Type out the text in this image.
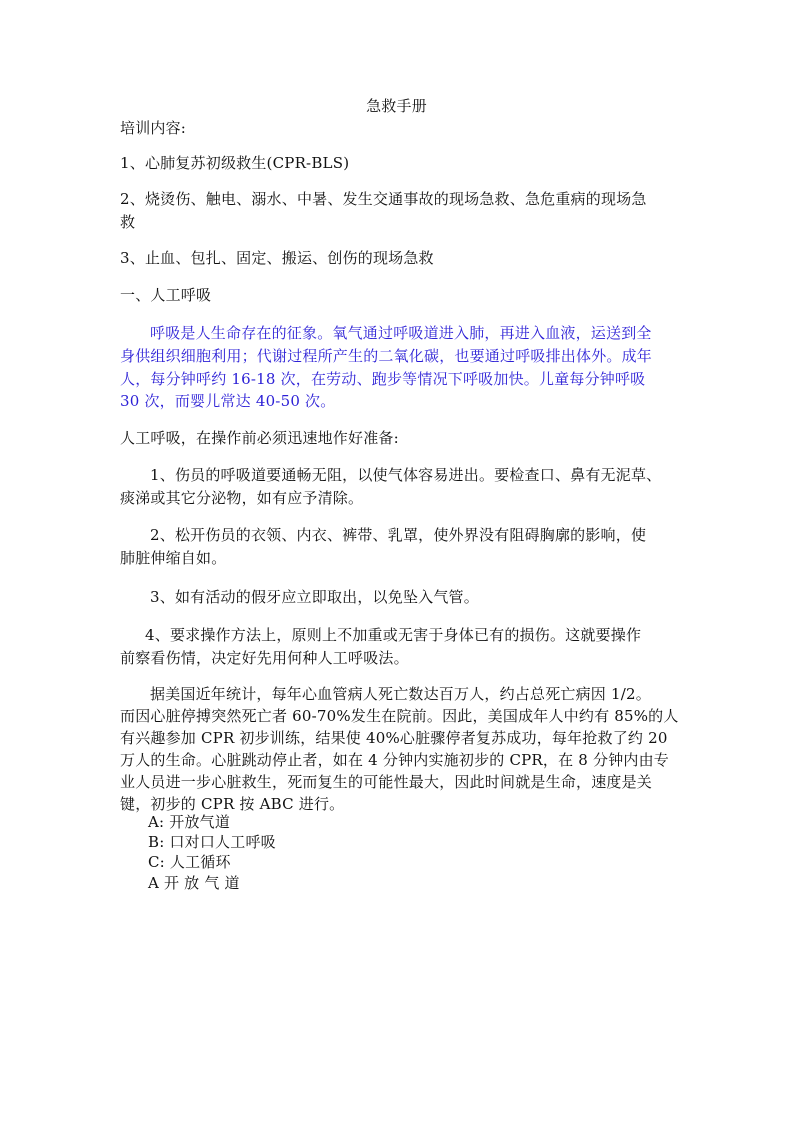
急救手册
培训内容:
1、心肺复苏初级救生(CPR-BLS)
2、烧烫伤、触电、溺水、中暑、发生交通事故的现场急救、急危重病的现场急
救
3、止血、包扎、固定、搬运、创伤的现场急救
一、人工呼吸
呼吸是人生命存在的征象。氧气通过呼吸道进入肺，再进入血液，运送到全
身供组织细胞利用；代谢过程所产生的二氧化碳，也要通过呼吸排出体外。成年
人，每分钟呼约 16-18 次，在劳动、跑步等情况下呼吸加快。儿童每分钟呼吸
30 次，而婴儿常达 40-50 次。
人工呼吸，在操作前必须迅速地作好准备:
1、伤员的呼吸道要通畅无阻，以使气体容易进出。要检查口、鼻有无泥草、
痰涕或其它分泌物，如有应予清除。
2、松开伤员的衣领、内衣、裤带、乳罩，使外界没有阻碍胸廓的影响，使
肺脏伸缩自如。
3、如有活动的假牙应立即取出，以免坠入气管。
4、要求操作方法上，原则上不加重或无害于身体已有的损伤。这就要操作
前察看伤情，决定好先用何种人工呼吸法。
据美国近年统计，每年心血管病人死亡数达百万人，约占总死亡病因 1/2。
而因心脏停搏突然死亡者 60-70%发生在院前。因此，美国成年人中约有 85%的人
有兴趣参加 CPR 初步训练，结果使 40%心脏骤停者复苏成功，每年抢救了约 20
万人的生命。心脏跳动停止者，如在 4 分钟内实施初步的 CPR，在 8 分钟内由专
业人员进一步心脏救生，死而复生的可能性最大，因此时间就是生命，速度是关
键，初步的 CPR 按 ABC 进行。
A: 开放气道
B: 口对口人工呼吸
C: 人工循环
A 开 放 气 道
